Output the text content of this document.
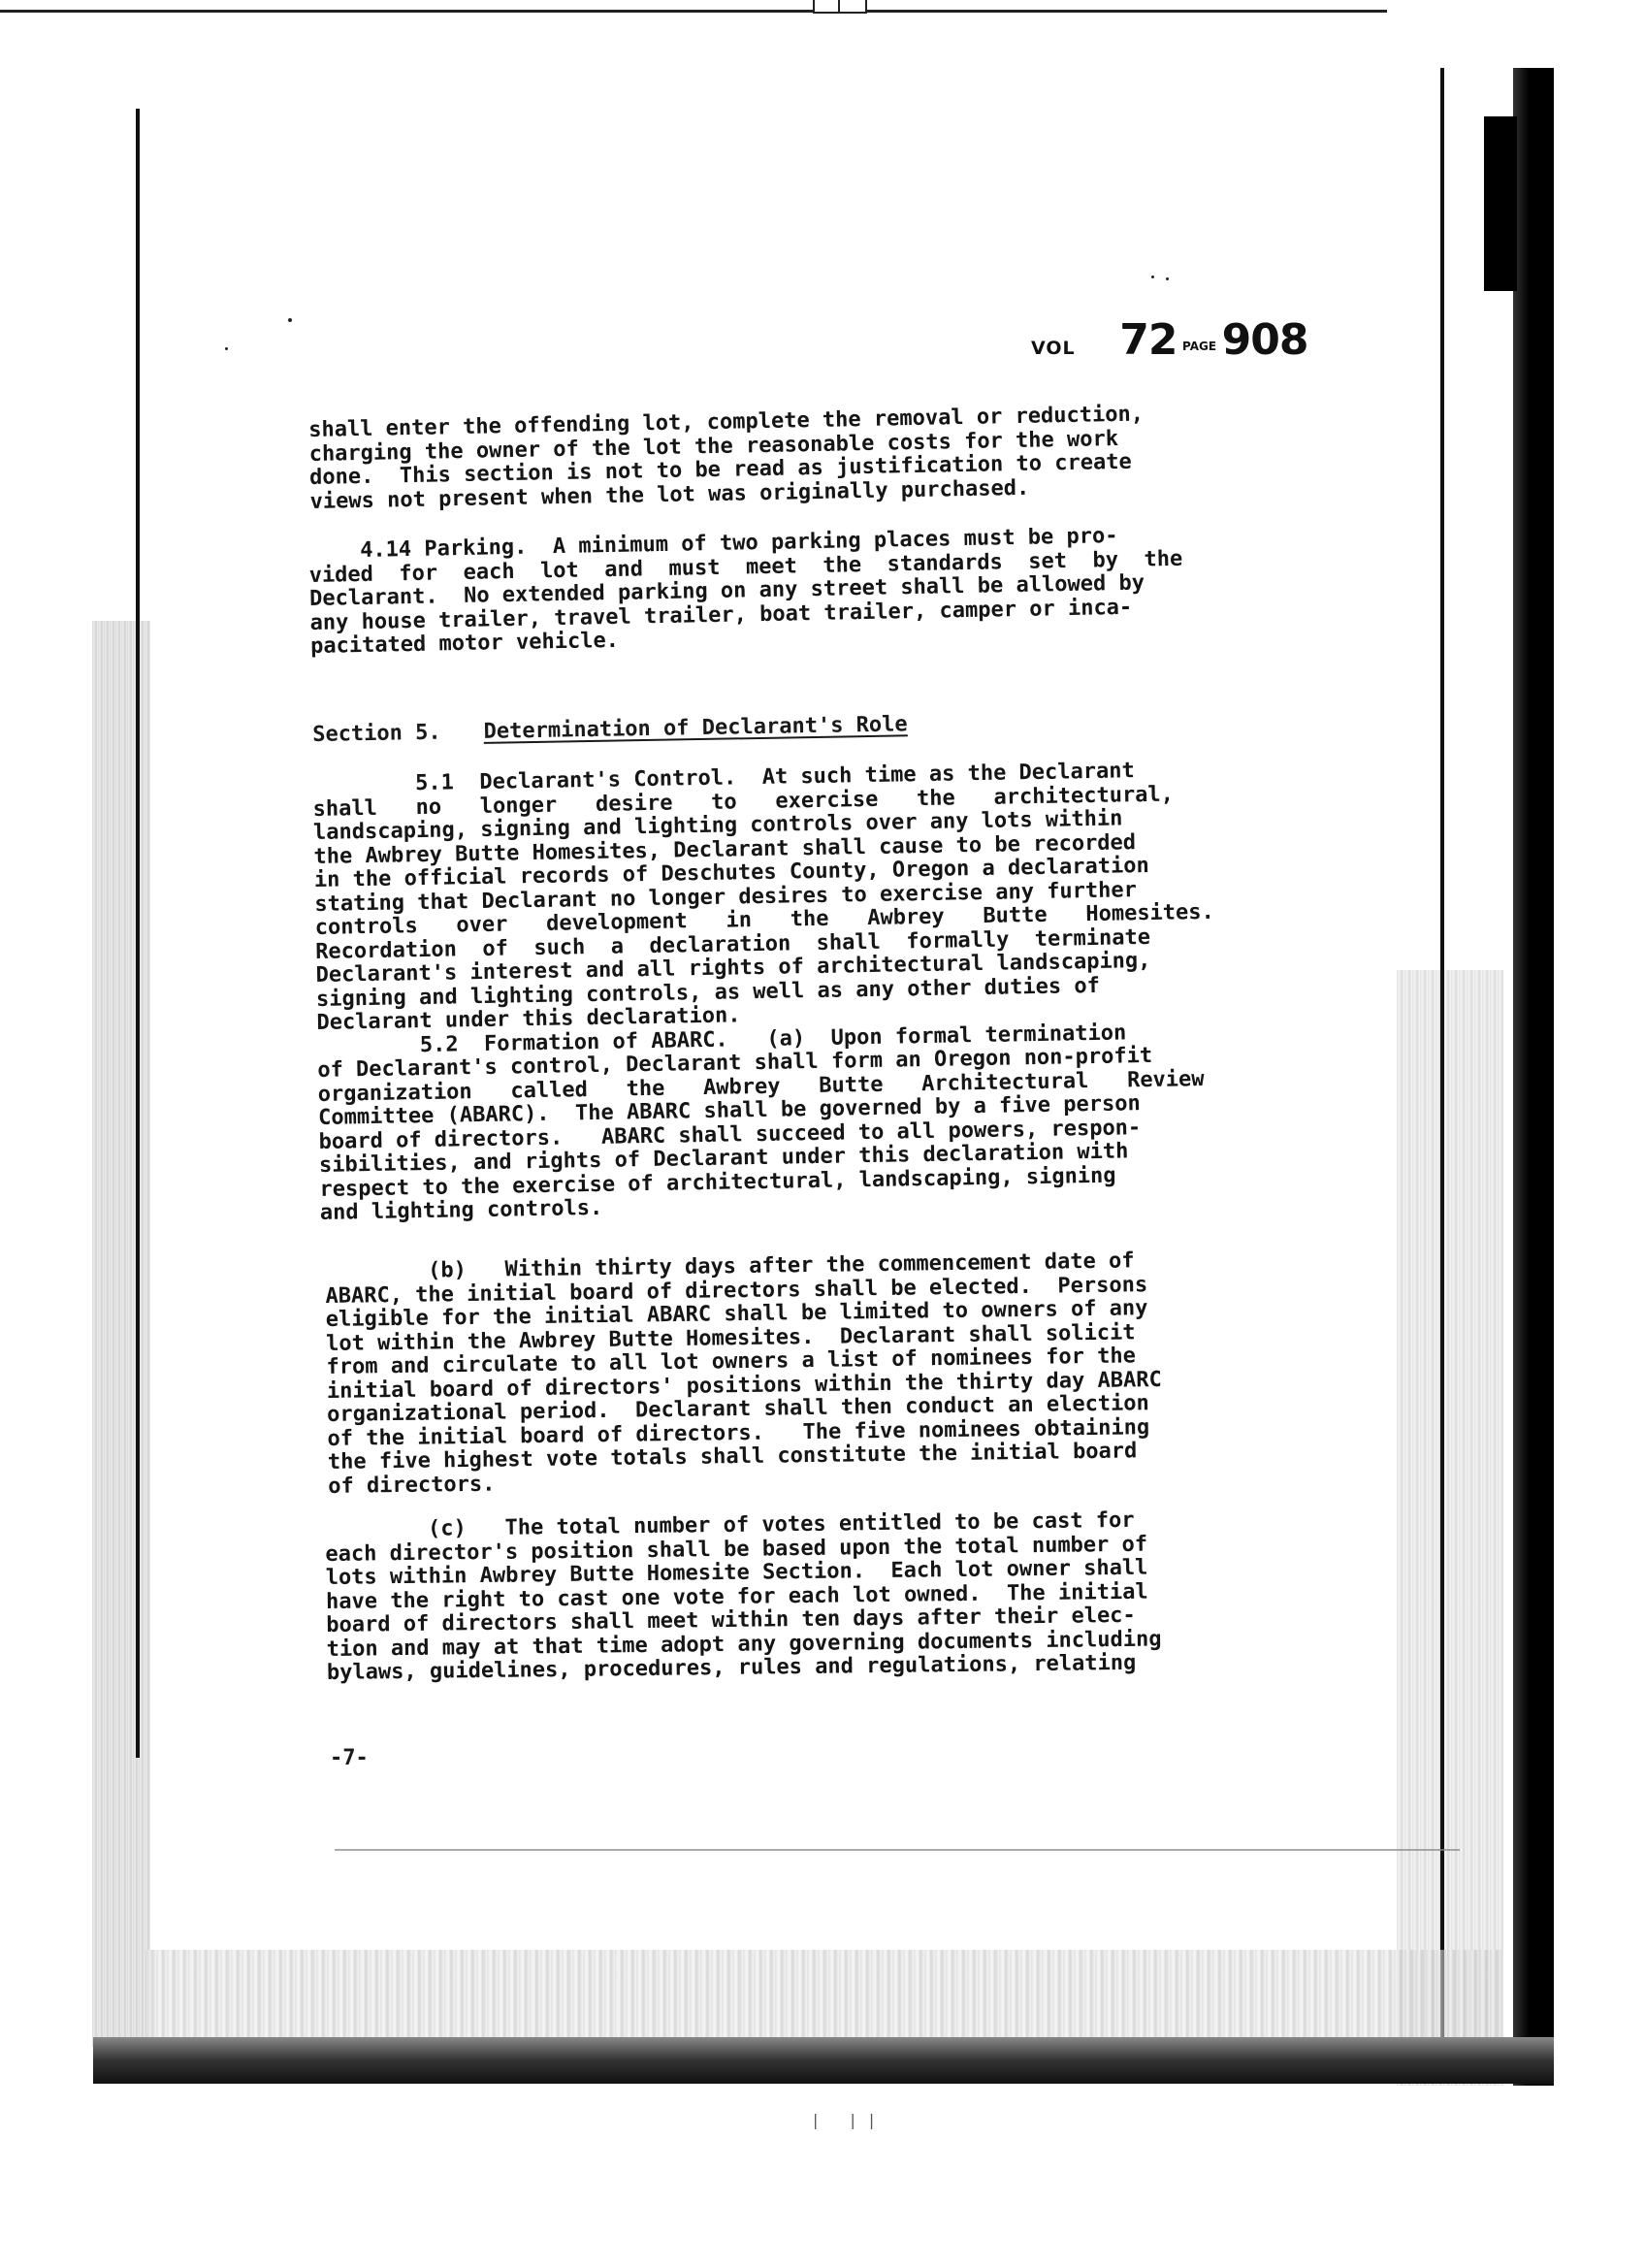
VOL 72 $^{PAGE}$ 908
shall enter the offending lot, complete the removal or reduction,
charging the owner of the lot the reasonable costs for the work
done.  This section is not to be read as justification to create
views not present when the lot was originally purchased.
4.14 Parking.  A minimum of two parking places must be pro-
vided  for  each  lot  and  must  meet  the  standards  set  by  the
Declarant.  No extended parking on any street shall be allowed by
any house trailer, travel trailer, boat trailer, camper or inca-
pacitated motor vehicle.
Section 5. Determination of Declarant's Role
5.1  Declarant's Control.  At such time as the Declarant
shall   no   longer   desire   to   exercise   the   architectural,
landscaping, signing and lighting controls over any lots within
the Awbrey Butte Homesites, Declarant shall cause to be recorded
in the official records of Deschutes County, Oregon a declaration
stating that Declarant no longer desires to exercise any further
controls   over   development   in   the   Awbrey   Butte   Homesites.
Recordation  of  such  a  declaration  shall  formally  terminate
Declarant's interest and all rights of architectural landscaping,
signing and lighting controls, as well as any other duties of
Declarant under this declaration.
5.2  Formation of ABARC.   (a)  Upon formal termination
of Declarant's control, Declarant shall form an Oregon non-profit
organization   called   the   Awbrey   Butte   Architectural   Review
Committee (ABARC).  The ABARC shall be governed by a five person
board of directors.   ABARC shall succeed to all powers, respon-
sibilities, and rights of Declarant under this declaration with
respect to the exercise of architectural, landscaping, signing
and lighting controls.
(b)   Within thirty days after the commencement date of
ABARC, the initial board of directors shall be elected.  Persons
eligible for the initial ABARC shall be limited to owners of any
lot within the Awbrey Butte Homesites.  Declarant shall solicit
from and circulate to all lot owners a list of nominees for the
initial board of directors' positions within the thirty day ABARC
organizational period.  Declarant shall then conduct an election
of the initial board of directors.   The five nominees obtaining
the five highest vote totals shall constitute the initial board
of directors.
(c)   The total number of votes entitled to be cast for
each director's position shall be based upon the total number of
lots within Awbrey Butte Homesite Section.  Each lot owner shall
have the right to cast one vote for each lot owned.  The initial
board of directors shall meet within ten days after their elec-
tion and may at that time adopt any governing documents including
bylaws, guidelines, procedures, rules and regulations, relating
-7-
| ||
